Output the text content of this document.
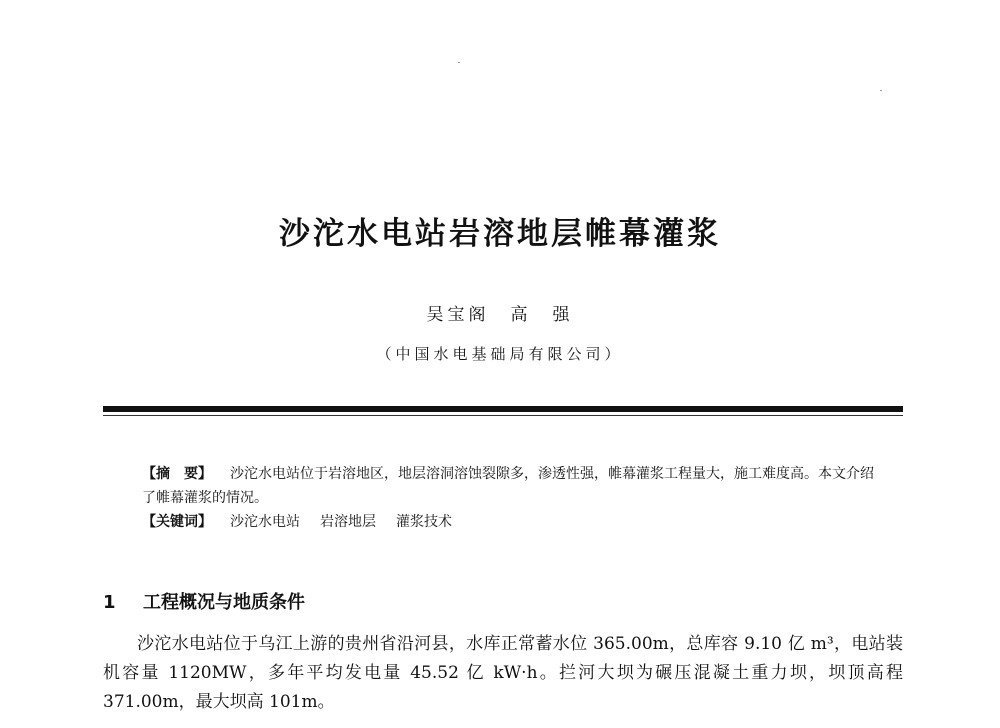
沙沱水电站岩溶地层帷幕灌浆
吴宝阁　高　强
（中国水电基础局有限公司）

【摘　要】 沙沱水电站位于岩溶地区，地层溶洞溶蚀裂隙多，渗透性强，帷幕灌浆工程量大，施工难度高。本文介绍了帷幕灌浆的情况。

【关键词】 沙沱水电站 岩溶地层 灌浆技术

1 工程概况与地质条件
沙沱水电站位于乌江上游的贵州省沿河县，水库正常蓄水位 365.00m，总库容 9.10 亿 m³，电站装机容量 1120MW，多年平均发电量 45.52 亿 kW·h。拦河大坝为碾压混凝土重力坝，坝顶高程 371.00m，最大坝高 101m。
